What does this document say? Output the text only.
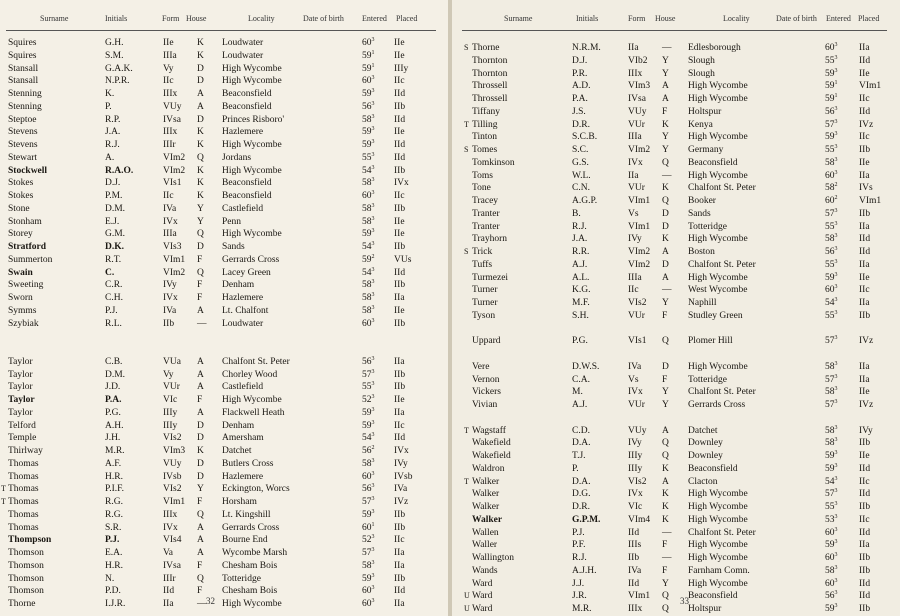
Surname	Initials	Form House	Locality	Date of birth Entered Placed
Squires	G.H.	IIe K Loudwater	$60^3$ IIe
Squires	S.M.	IIIa K Loudwater	$59^1$ IIe
Stansall	G.A.K.	Vy D High Wycombe	$59^1$ IIIy
Stansall	N.P.R.	IIc D High Wycombe	$60^3$ IIc
Stenning	K.	IIIx A Beaconsfield	$59^3$ IId
Stenning	P.	VUy A Beaconsfield	$56^3$ IIb
Steptoe	R.P.	IVsa D Princes Risboro'	$58^3$ IId
Stevens	J.A.	IIIx K Hazlemere	$59^3$ IIe
Stevens	R.J.	IIIr K High Wycombe	$59^3$ IId
Stewart	A.	VIm2 Q Jordans	$55^3$ IId
Stockwell	R.A.O.	VIm2 K High Wycombe	$54^3$ IIb
Stokes	D.J.	VIs1 K Beaconsfield	$58^3$ IVx
Stokes	P.M.	IIc K Beaconsfield	$60^3$ IIc
Stone	D.M.	IVa Y Castlefield	$58^3$ IIb
Stonham	E.J.	IVx Y Penn	$58^3$ IIe
Storey	G.M.	IIIa Q High Wycombe	$59^3$ IIe
Stratford	D.K.	VIs3 D Sands	$54^3$ IIb
Summerton	R.T.	VIm1 F Gerrards Cross	$59^2$ VUs
Swain	C.	VIm2 Q Lacey Green	$54^3$ IId
Sweeting	C.R.	IVy F Denham	$58^3$ IIb
Sworn	C.H.	IVx F Hazlemere	$58^3$ IIa
Symms	P.J.	IVa A Lt. Chalfont	$58^3$ IIe
Szybiak	R.L.	IIb — Loudwater	$60^3$ IIb
Taylor	C.B.	VUa A Chalfont St. Peter	$56^3$ IIa
Taylor	D.M.	Vy A Chorley Wood	$57^3$ IIb
Taylor	J.D.	VUr A Castlefield	$55^3$ IIb
Taylor	P.A.	VIc F High Wycombe	$52^3$ IIe
Taylor	P.G.	IIIy A Flackwell Heath	$59^3$ IIa
Telford	A.H.	IIIy D Denham	$59^3$ IIc
Temple	J.H.	VIs2 D Amersham	$54^3$ IId
Thirlway	M.R.	VIm3 K Datchet	$56^2$ IVx
Thomas	A.F.	VUy D Butlers Cross	$58^3$ IVy
Thomas	H.R.	IVsb D Hazlemere	$60^3$ IVsb
T Thomas	P.I.F.	VIs2 Y Eckington, Worcs	$56^3$ IVa
T Thomas	R.G.	VIm1 F Horsham	$57^3$ IVz
Thomas	R.G.	IIIx Q Lt. Kingshill	$59^3$ IIb
Thomas	S.R.	IVx A Gerrards Cross	$60^1$ IIb
Thompson	P.J.	VIs4 A Bourne End	$52^3$ IIc
Thomson	E.A.	Va	A Wycombe Marsh	$57^3$ IIa
Thomson	H.R.	IVsa F Chesham Bois	$58^3$ IIa
Thomson	N.	IIIr Q Totteridge	$59^3$ IIb
Thomson	P.D.	IId F Chesham Bois	$60^3$ IId
Thorne	I.J.R.	IIa — High Wycombe	$60^3$ IIa
32
Surname	Initials	Form House	Locality	Date of birth Entered Placed
S Thorne	N.R.M.	IIa — Edlesborough	$60^3$ IIa
Thornton	D.J.	VIb2 Y Slough	$55^3$ IId
Thornton	P.R.	IIIx Y Slough	$59^3$ IIe
Throssell	A.D.	VIm3 A High Wycombe	$59^1$ VIm1
Throssell	P.A.	IVsa A High Wycombe	$59^1$ IIc
Tiffany	J.S.	VUy F Holtspur	$56^3$ IId
T Tilling	D.R.	VUr K Kenya	$57^3$ IVz
Tinton	S.C.B.	IIIa Y High Wycombe	$59^3$ IIc
S Tomes	S.C.	VIm2 Y Germany	$55^3$ IIb
Tomkinson	G.S.	IVx Q Beaconsfield	$58^3$ IIe
Toms	W.L.	IIa — High Wycombe	$60^3$ IIa
Tone	C.N.	VUr K Chalfont St. Peter	$58^2$ IVs
Tracey	A.G.P.	VIm1 Q Booker	$60^2$ VIm1
Tranter	B.	Vs D Sands	$57^3$ IIb
Tranter	R.J.	VIm1 D Totteridge	$55^3$ IIa
Trayhorn	J.A.	IVy K High Wycombe	$58^3$ IId
S Trick	R.R.	VIm2 A Boston	$56^3$ IId
Tuffs	A.J.	VIm2 D Chalfont St. Peter	$55^3$ IIa
Turmezei	A.L.	IIIa A High Wycombe	$59^3$ IIe
Turner	K.G.	IIc — West Wycombe	$60^3$ IIc
Turner	M.F.	VIs2 Y Naphill	$54^3$ IIa
Tyson	S.H.	VUr F Studley Green	$55^3$ IIb
Uppard	P.G.	VIs1 Q Plomer Hill	$57^3$ IVz
Vere	D.W.S.	IVa D High Wycombe	$58^3$ IIa
Vernon	C.A.	Vs F Totteridge	$57^3$ IIa
Vickers	M.	IVx Y Chalfont St. Peter	$58^3$ IIe
Vivian	A.J.	VUr Y Gerrards Cross	$57^3$ IVz
T Wagstaff	C.D.	VUy A Datchet	$58^3$ IVy
Wakefield	D.A.	IVy Q Downley	$58^3$ IIb
Wakefield	T.J.	IIIy Q Downley	$59^3$ IIe
Waldron	P.	IIIy K Beaconsfield	$59^3$ IId
T Walker	D.A.	VIs2 A Clacton	$54^3$ IIc
Walker	D.G.	IVx K High Wycombe	$57^3$ IId
Walker	D.R.	VIc K High Wycombe	$55^3$ IIb
Walker	G.P.M.	VIm4 K High Wycombe	$53^3$ IIc
Wallen	P.J.	IId — Chalfont St. Peter	$60^3$ IId
Waller	P.F.	IIIs F High Wycombe	$59^3$ IIa
Wallington	R.J.	IIb — High Wycombe	$60^3$ IIb
Wands	A.J.H.	IVa F Farnham Comn.	$58^3$ IIb
Ward	J.J.	IId Y High Wycombe	$60^3$ IId
U Ward	J.R.	VIm1 Q Beaconsfield	$56^3$ IId
U Ward	M.R.	IIIx Q Holtspur	$59^3$ IIb
33
